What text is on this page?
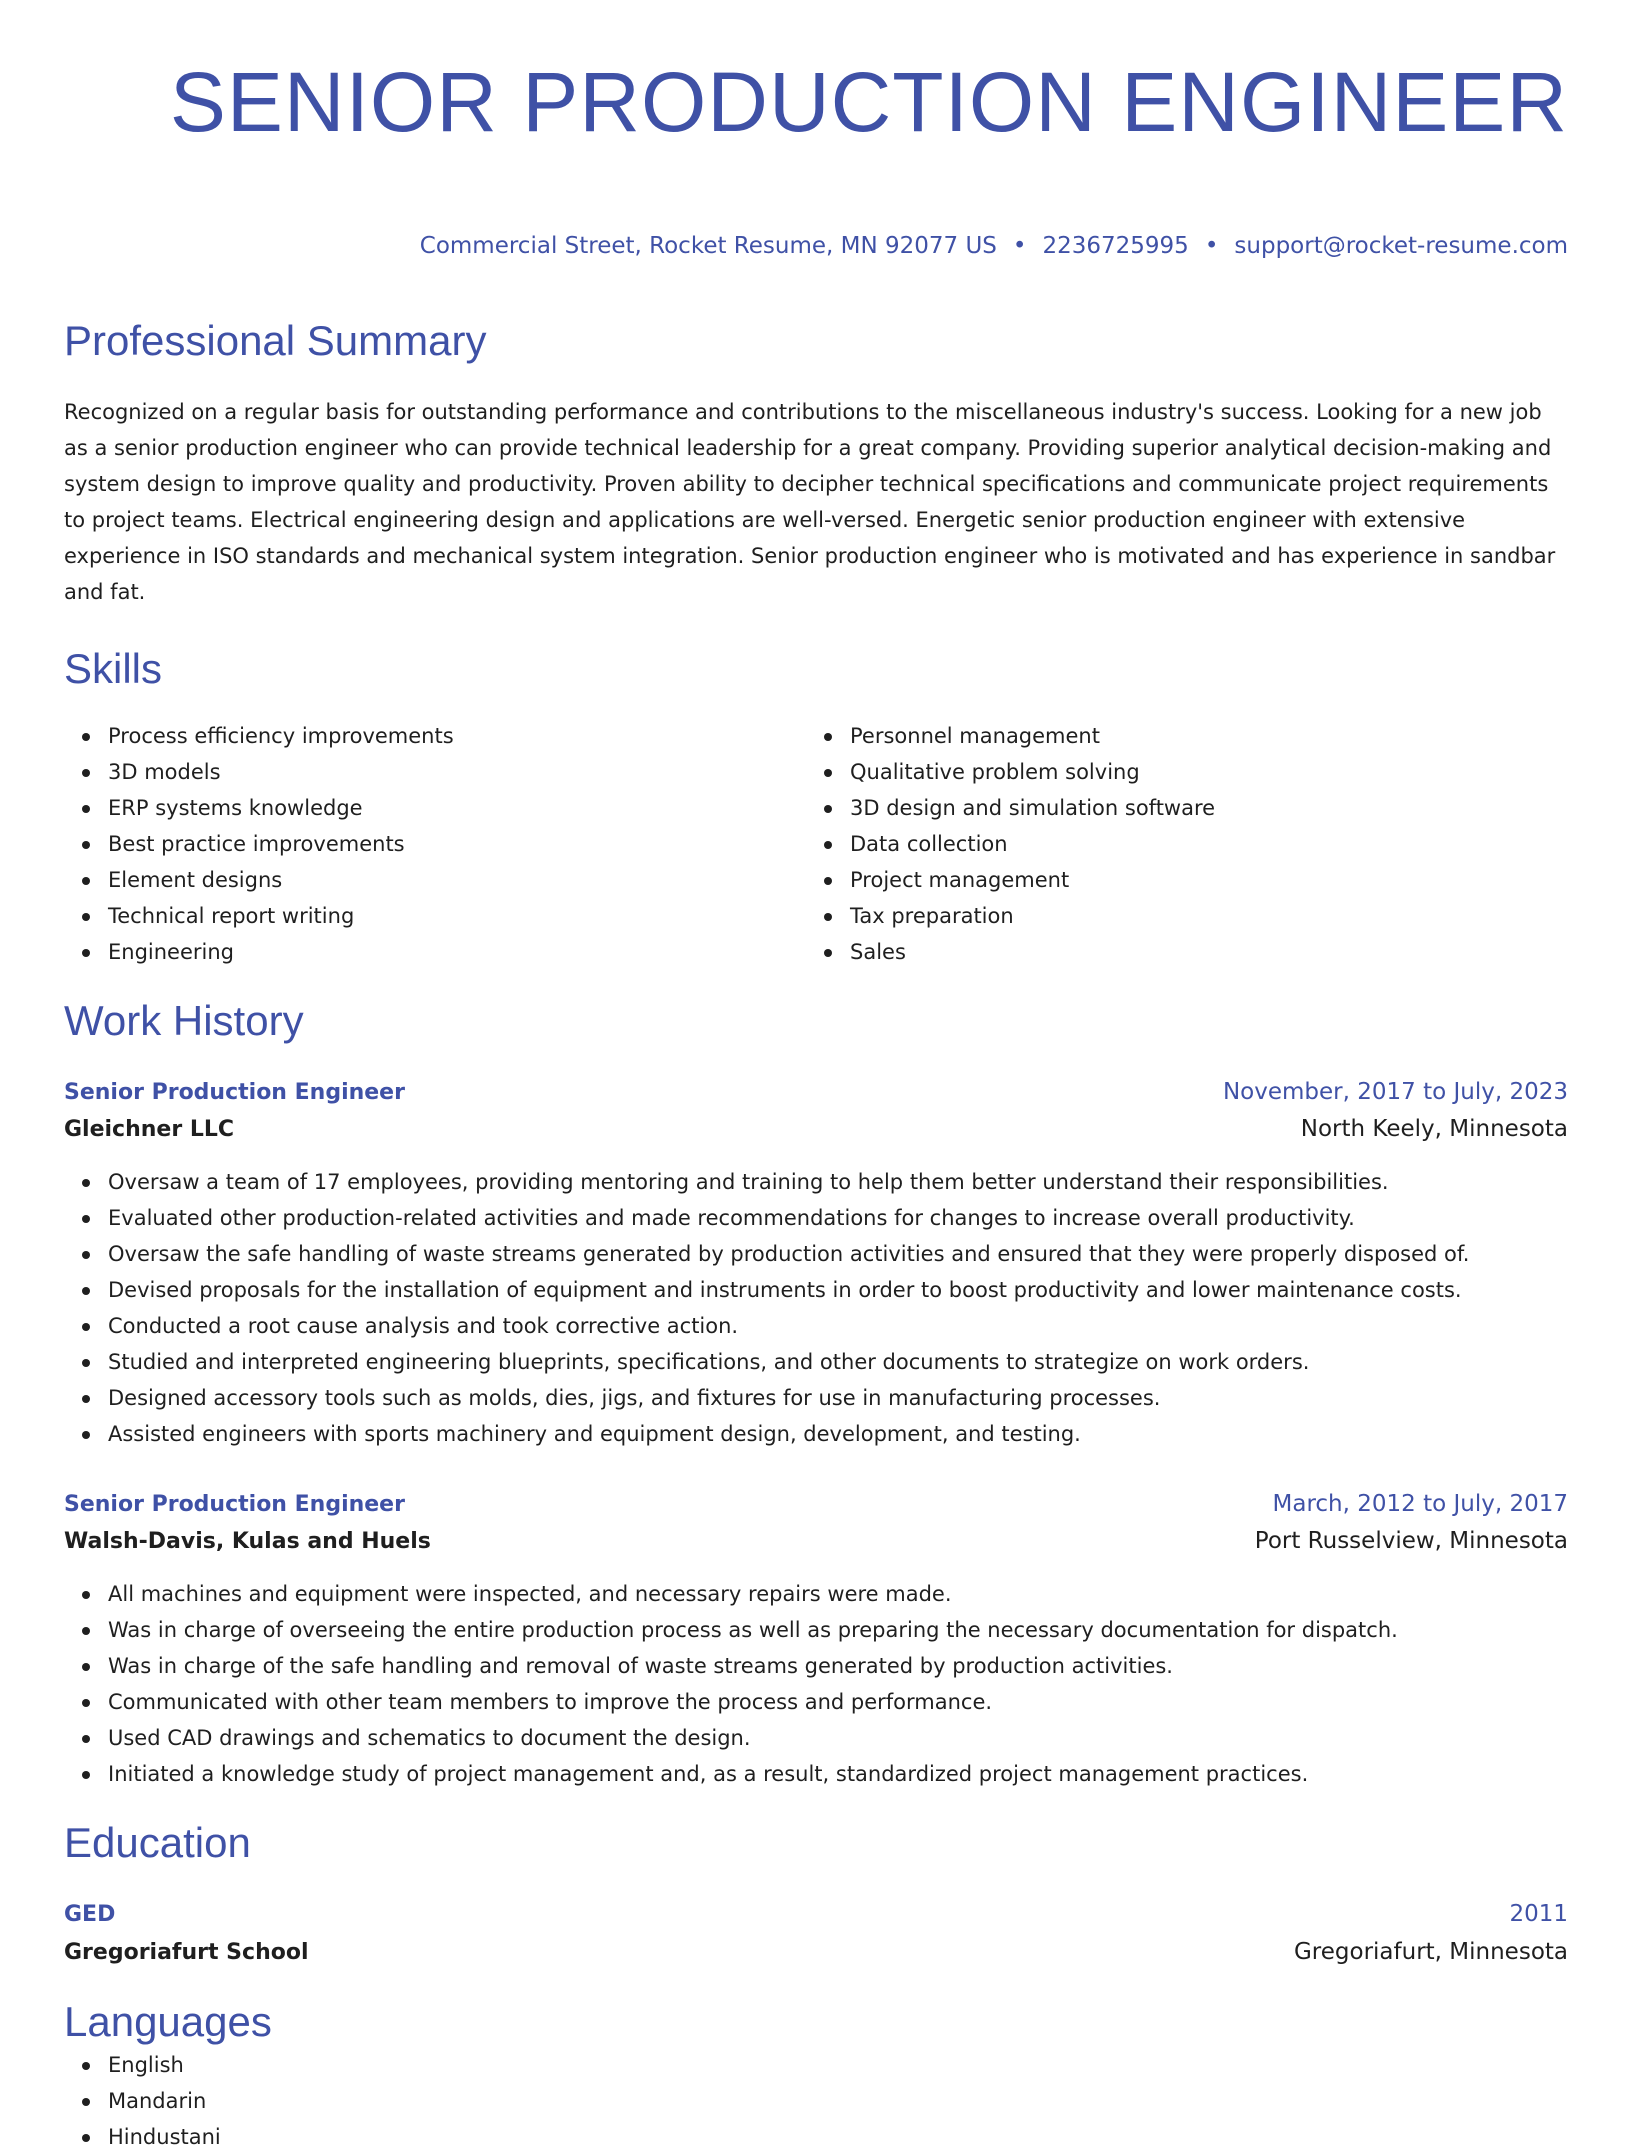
SENIOR PRODUCTION ENGINEER
Commercial Street, Rocket Resume, MN 92077 US • 2236725995 • support@rocket-resume.com
Professional Summary
Recognized on a regular basis for outstanding performance and contributions to the miscellaneous industry's success. Looking for a new job as a senior production engineer who can provide technical leadership for a great company. Providing superior analytical decision-making and system design to improve quality and productivity. Proven ability to decipher technical specifications and communicate project requirements to project teams. Electrical engineering design and applications are well-versed. Energetic senior production engineer with extensive experience in ISO standards and mechanical system integration. Senior production engineer who is motivated and has experience in sandbar and fat.
Skills
Process efficiency improvements
3D models
ERP systems knowledge
Best practice improvements
Element designs
Technical report writing
Engineering
Personnel management
Qualitative problem solving
3D design and simulation software
Data collection
Project management
Tax preparation
Sales
Work History
Senior Production Engineer	November, 2017 to July, 2023
Gleichner LLC	North Keely, Minnesota
Oversaw a team of 17 employees, providing mentoring and training to help them better understand their responsibilities.
Evaluated other production-related activities and made recommendations for changes to increase overall productivity.
Oversaw the safe handling of waste streams generated by production activities and ensured that they were properly disposed of.
Devised proposals for the installation of equipment and instruments in order to boost productivity and lower maintenance costs.
Conducted a root cause analysis and took corrective action.
Studied and interpreted engineering blueprints, specifications, and other documents to strategize on work orders.
Designed accessory tools such as molds, dies, jigs, and fixtures for use in manufacturing processes.
Assisted engineers with sports machinery and equipment design, development, and testing.
Senior Production Engineer	March, 2012 to July, 2017
Walsh-Davis, Kulas and Huels	Port Russelview, Minnesota
All machines and equipment were inspected, and necessary repairs were made.
Was in charge of overseeing the entire production process as well as preparing the necessary documentation for dispatch.
Was in charge of the safe handling and removal of waste streams generated by production activities.
Communicated with other team members to improve the process and performance.
Used CAD drawings and schematics to document the design.
Initiated a knowledge study of project management and, as a result, standardized project management practices.
Education
GED	2011
Gregoriafurt School	Gregoriafurt, Minnesota
Languages
English
Mandarin
Hindustani
